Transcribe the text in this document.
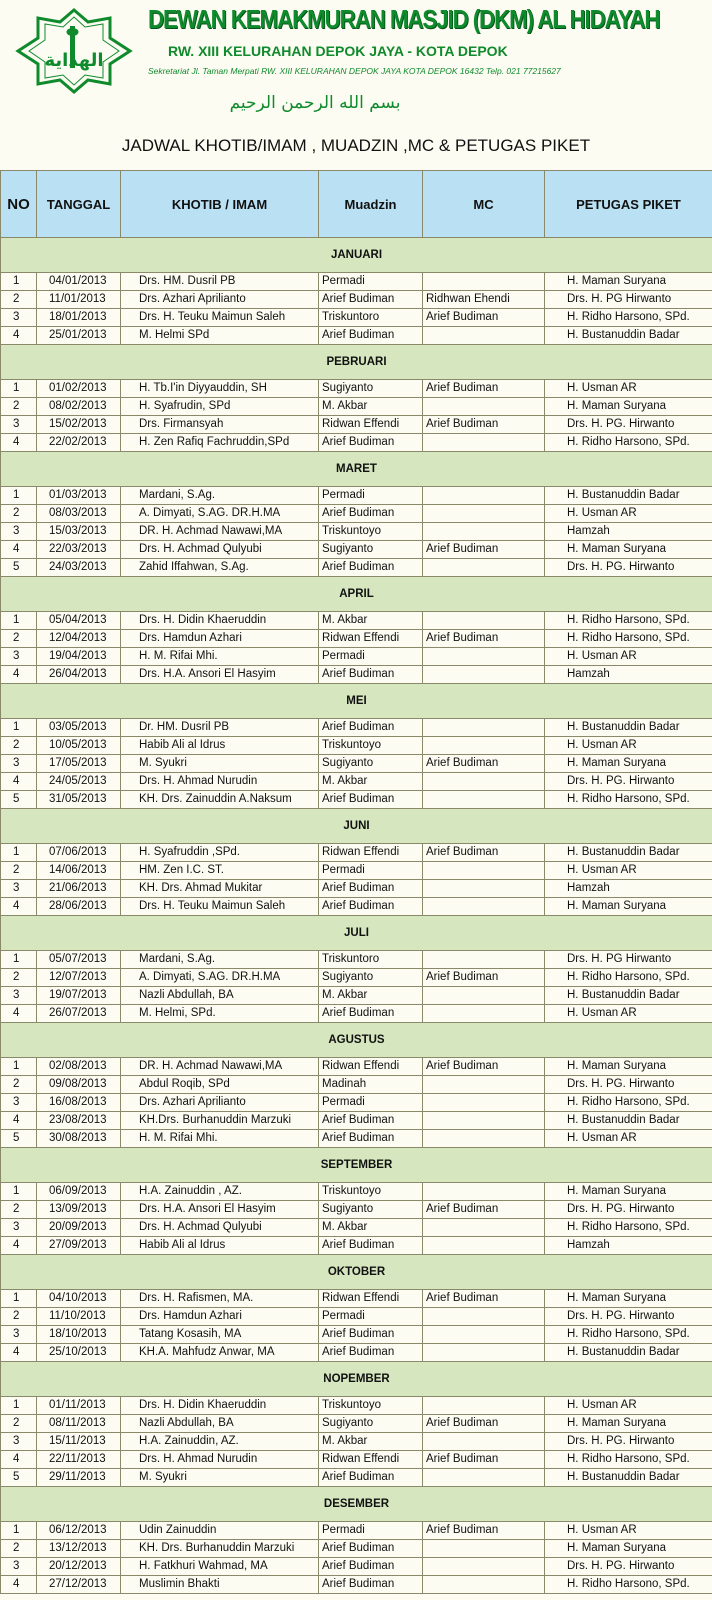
الهداية
DEWAN KEMAKMURAN MASJID (DKM) AL HIDAYAH
RW. XIII KELURAHAN DEPOK JAYA - KOTA DEPOK
Sekretariat Jl. Taman Merpati RW. XIII KELURAHAN DEPOK JAYA KOTA DEPOK 16432 Telp. 021 77215627
بسم الله الرحمن الرحيم
JADWAL KHOTIB/IMAM , MUADZIN ,MC & PETUGAS PIKET
NO	TANGGAL	KHOTIB / IMAM	Muadzin	MC	PETUGAS PIKET
JANUARI					
1	04/01/2013	Drs. HM. Dusril PB	Permadi		H. Maman Suryana
2	11/01/2013	Drs. Azhari Aprilianto	Arief Budiman	Ridhwan Ehendi	Drs. H. PG Hirwanto
3	18/01/2013	Drs. H. Teuku Maimun Saleh	Triskuntoro	Arief Budiman	H. Ridho Harsono, SPd.
4	25/01/2013	M. Helmi SPd	Arief Budiman		H. Bustanuddin Badar
PEBRUARI					
1	01/02/2013	H. Tb.I'in Diyyauddin, SH	Sugiyanto	Arief Budiman	H. Usman AR
2	08/02/2013	H. Syafrudin, SPd	M. Akbar		H. Maman Suryana
3	15/02/2013	Drs. Firmansyah	Ridwan Effendi	Arief Budiman	Drs. H. PG. Hirwanto
4	22/02/2013	H. Zen Rafiq Fachruddin,SPd	Arief Budiman		H. Ridho Harsono, SPd.
MARET					
1	01/03/2013	Mardani, S.Ag.	Permadi		H. Bustanuddin Badar
2	08/03/2013	A. Dimyati, S.AG. DR.H.MA	Arief Budiman		H. Usman AR
3	15/03/2013	DR. H. Achmad Nawawi,MA	Triskuntoyo		Hamzah
4	22/03/2013	Drs. H. Achmad Qulyubi	Sugiyanto	Arief Budiman	H. Maman Suryana
5	24/03/2013	Zahid Iffahwan, S.Ag.	Arief Budiman		Drs. H. PG. Hirwanto
APRIL					
1	05/04/2013	Drs. H. Didin Khaeruddin	M. Akbar		H. Ridho Harsono, SPd.
2	12/04/2013	Drs. Hamdun Azhari	Ridwan Effendi	Arief Budiman	H. Ridho Harsono, SPd.
3	19/04/2013	H. M. Rifai Mhi.	Permadi		H. Usman AR
4	26/04/2013	Drs. H.A. Ansori El Hasyim	Arief Budiman		Hamzah
MEI					
1	03/05/2013	Dr. HM. Dusril PB	Arief Budiman		H. Bustanuddin Badar
2	10/05/2013	Habib Ali al Idrus	Triskuntoyo		H. Usman AR
3	17/05/2013	M. Syukri	Sugiyanto	Arief Budiman	H. Maman Suryana
4	24/05/2013	Drs. H. Ahmad Nurudin	M. Akbar		Drs. H. PG. Hirwanto
5	31/05/2013	KH. Drs. Zainuddin A.Naksum	Arief Budiman		H. Ridho Harsono, SPd.
JUNI					
1	07/06/2013	H. Syafruddin ,SPd.	Ridwan Effendi	Arief Budiman	H. Bustanuddin Badar
2	14/06/2013	HM. Zen I.C. ST.	Permadi		H. Usman AR
3	21/06/2013	KH. Drs. Ahmad Mukitar	Arief Budiman		Hamzah
4	28/06/2013	Drs. H. Teuku Maimun Saleh	Arief Budiman		H. Maman Suryana
JULI					
1	05/07/2013	Mardani, S.Ag.	Triskuntoro		Drs. H. PG Hirwanto
2	12/07/2013	A. Dimyati, S.AG. DR.H.MA	Sugiyanto	Arief Budiman	H. Ridho Harsono, SPd.
3	19/07/2013	Nazli Abdullah, BA	M. Akbar		H. Bustanuddin Badar
4	26/07/2013	M. Helmi, SPd.	Arief Budiman		H. Usman AR
AGUSTUS					
1	02/08/2013	DR. H. Achmad Nawawi,MA	Ridwan Effendi	Arief Budiman	H. Maman Suryana
2	09/08/2013	Abdul Roqib, SPd	Madinah		Drs. H. PG. Hirwanto
3	16/08/2013	Drs. Azhari Aprilianto	Permadi		H. Ridho Harsono, SPd.
4	23/08/2013	KH.Drs. Burhanuddin Marzuki	Arief Budiman		H. Bustanuddin Badar
5	30/08/2013	H. M. Rifai Mhi.	Arief Budiman		H. Usman AR
SEPTEMBER					
1	06/09/2013	H.A. Zainuddin , AZ.	Triskuntoyo		H. Maman Suryana
2	13/09/2013	Drs. H.A. Ansori El Hasyim	Sugiyanto	Arief Budiman	Drs. H. PG. Hirwanto
3	20/09/2013	Drs. H. Achmad Qulyubi	M. Akbar		H. Ridho Harsono, SPd.
4	27/09/2013	Habib Ali al Idrus	Arief Budiman		Hamzah
OKTOBER					
1	04/10/2013	Drs. H. Rafismen, MA.	Ridwan Effendi	Arief Budiman	H. Maman Suryana
2	11/10/2013	Drs. Hamdun Azhari	Permadi		Drs. H. PG. Hirwanto
3	18/10/2013	Tatang Kosasih, MA	Arief Budiman		H. Ridho Harsono, SPd.
4	25/10/2013	KH.A. Mahfudz Anwar, MA	Arief Budiman		H. Bustanuddin Badar
NOPEMBER					
1	01/11/2013	Drs. H. Didin Khaeruddin	Triskuntoyo		H. Usman AR
2	08/11/2013	Nazli Abdullah, BA	Sugiyanto	Arief Budiman	H. Maman Suryana
3	15/11/2013	H.A. Zainuddin, AZ.	M. Akbar		Drs. H. PG. Hirwanto
4	22/11/2013	Drs. H. Ahmad Nurudin	Ridwan Effendi	Arief Budiman	H. Ridho Harsono, SPd.
5	29/11/2013	M. Syukri	Arief Budiman		H. Bustanuddin Badar
DESEMBER					
1	06/12/2013	Udin Zainuddin	Permadi	Arief Budiman	H. Usman AR
2	13/12/2013	KH. Drs. Burhanuddin Marzuki	Arief Budiman		H. Maman Suryana
3	20/12/2013	H. Fatkhuri Wahmad, MA	Arief Budiman		Drs. H. PG. Hirwanto
4	27/12/2013	Muslimin Bhakti	Arief Budiman		H. Ridho Harsono, SPd.
